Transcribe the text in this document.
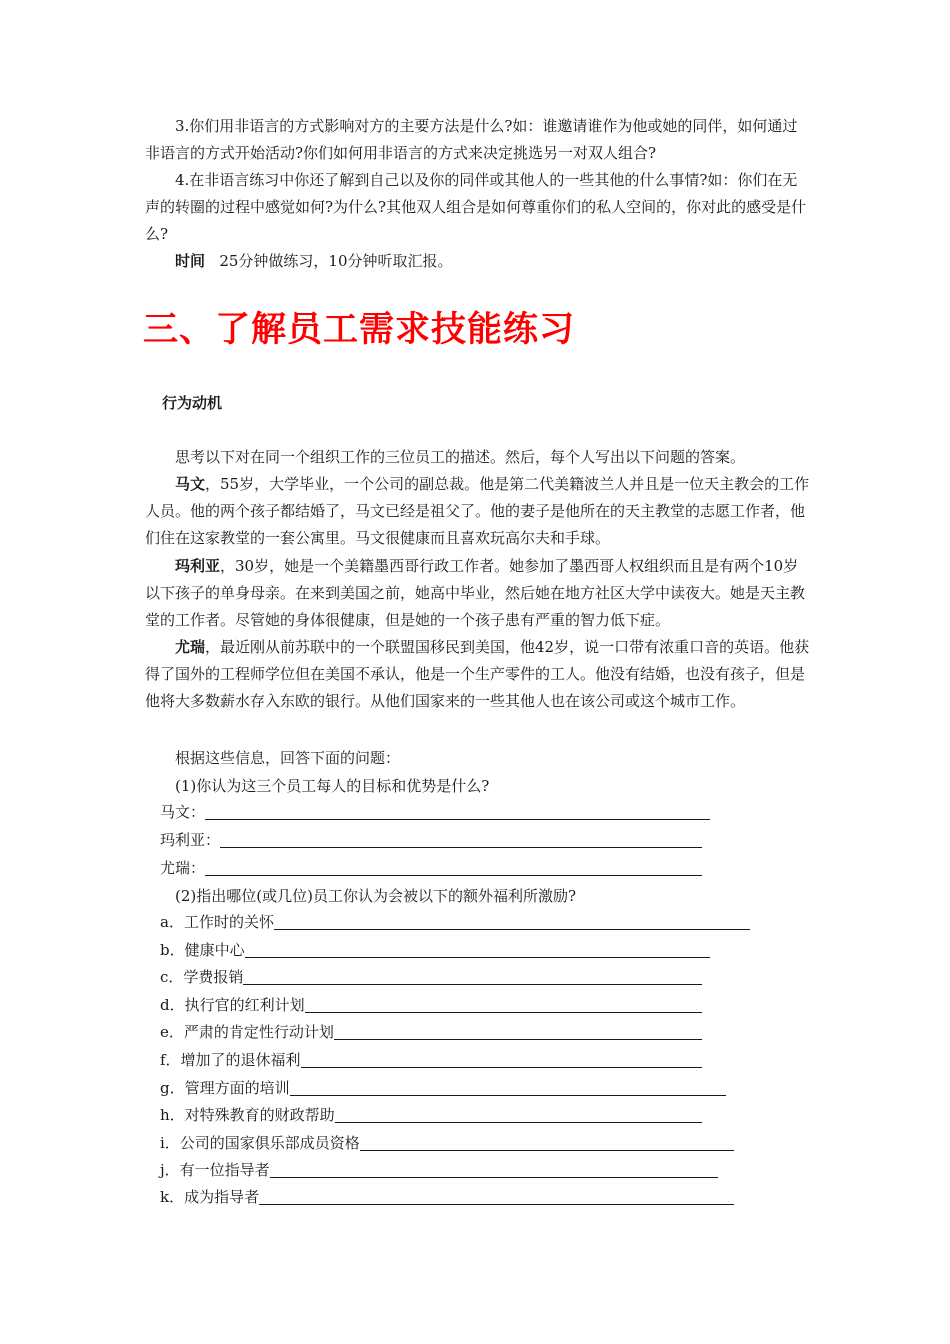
3.你们用非语言的方式影响对方的主要方法是什么?如：谁邀请谁作为他或她的同伴，如何通过非语言的方式开始活动?你们如何用非语言的方式来决定挑选另一对双人组合?

4.在非语言练习中你还了解到自己以及你的同伴或其他人的一些其他的什么事情?如：你们在无声的转圈的过程中感觉如何?为什么?其他双人组合是如何尊重你们的私人空间的，你对此的感受是什么?

时间 25分钟做练习，10分钟听取汇报。

三、了解员工需求技能练习
行为动机

思考以下对在同一个组织工作的三位员工的描述。然后，每个人写出以下问题的答案。

马文，55岁，大学毕业，一个公司的副总裁。他是第二代美籍波兰人并且是一位天主教会的工作人员。他的两个孩子都结婚了，马文已经是祖父了。他的妻子是他所在的天主教堂的志愿工作者，他们住在这家教堂的一套公寓里。马文很健康而且喜欢玩高尔夫和手球。

玛利亚，30岁，她是一个美籍墨西哥行政工作者。她参加了墨西哥人权组织而且是有两个10岁以下孩子的单身母亲。在来到美国之前，她高中毕业，然后她在地方社区大学中读夜大。她是天主教堂的工作者。尽管她的身体很健康，但是她的一个孩子患有严重的智力低下症。

尤瑞，最近刚从前苏联中的一个联盟国移民到美国，他42岁，说一口带有浓重口音的英语。他获得了国外的工程师学位但在美国不承认，他是一个生产零件的工人。他没有结婚，也没有孩子，但是他将大多数薪水存入东欧的银行。从他们国家来的一些其他人也在该公司或这个城市工作。

根据这些信息，回答下面的问题：

(1)你认为这三个员工每人的目标和优势是什么?

马文：
玛利亚：
尤瑞：

(2)指出哪位(或几位)员工你认为会被以下的额外福利所激励?

a．工作时的关怀
b．健康中心
c．学费报销
d．执行官的红利计划
e．严肃的肯定性行动计划
f．增加了的退休福利
g．管理方面的培训
h．对特殊教育的财政帮助
i．公司的国家俱乐部成员资格
j．有一位指导者
k．成为指导者
